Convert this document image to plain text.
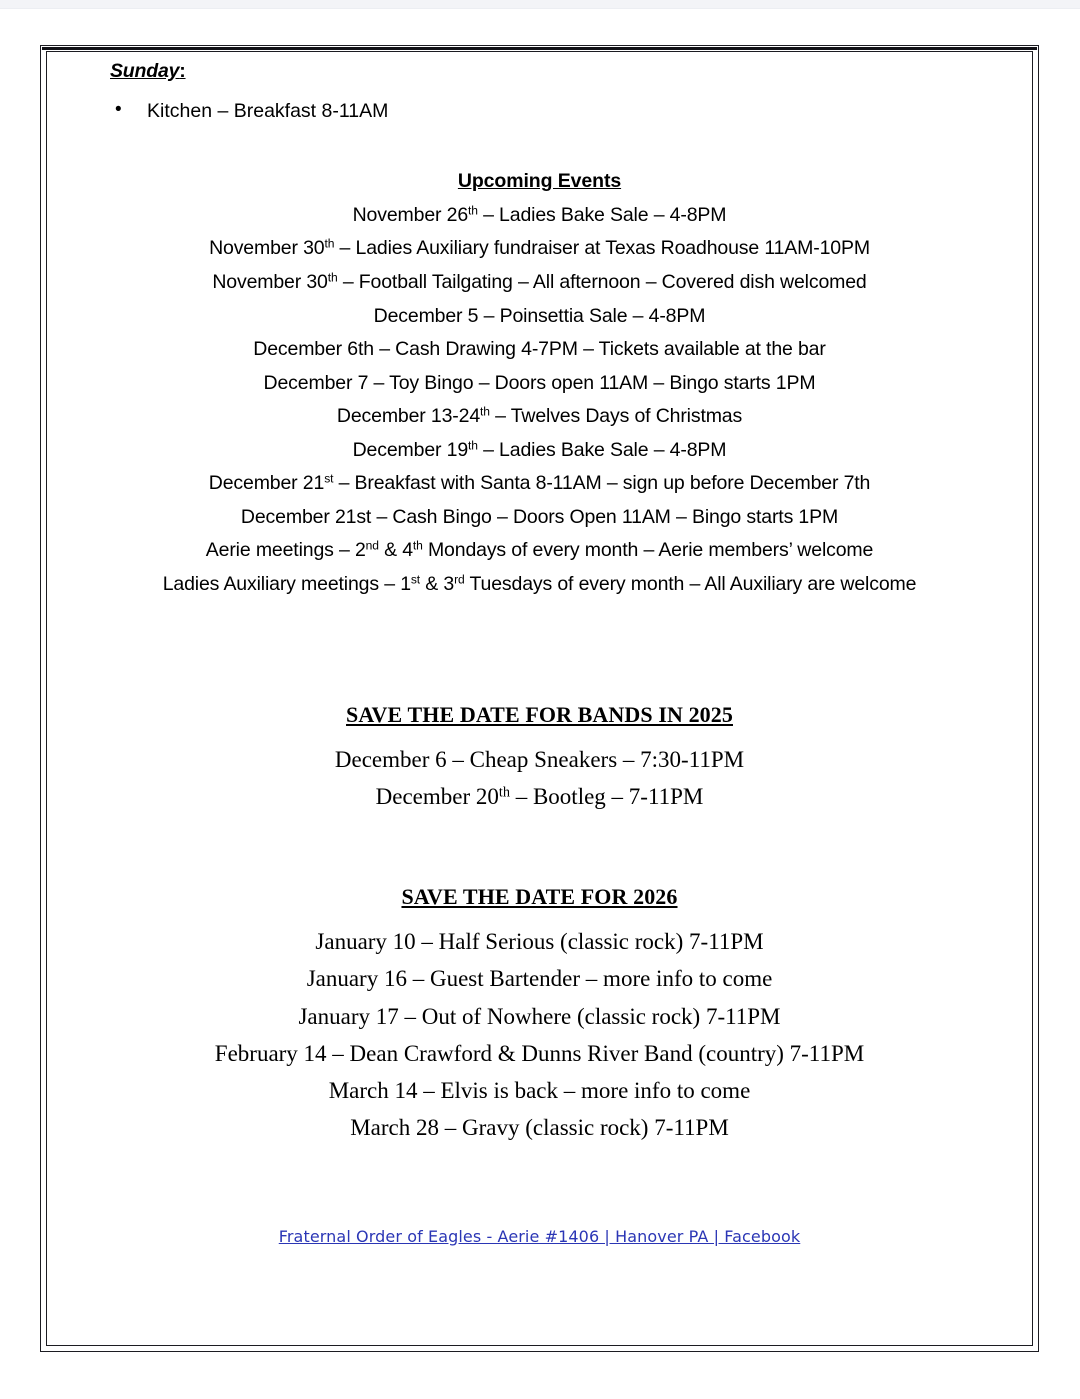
Sunday:
• Kitchen – Breakfast 8-11AM
Upcoming Events
November 26th – Ladies Bake Sale – 4-8PM
November 30th – Ladies Auxiliary fundraiser at Texas Roadhouse 11AM-10PM
November 30th – Football Tailgating – All afternoon – Covered dish welcomed
December 5 – Poinsettia Sale – 4-8PM
December 6th – Cash Drawing 4-7PM – Tickets available at the bar
December 7 – Toy Bingo – Doors open 11AM – Bingo starts 1PM
December 13-24th – Twelves Days of Christmas
December 19th – Ladies Bake Sale – 4-8PM
December 21st – Breakfast with Santa 8-11AM – sign up before December 7th
December 21st – Cash Bingo – Doors Open 11AM – Bingo starts 1PM
Aerie meetings – 2nd & 4th Mondays of every month – Aerie members’ welcome
Ladies Auxiliary meetings – 1st & 3rd Tuesdays of every month – All Auxiliary are welcome
SAVE THE DATE FOR BANDS IN 2025
December 6 – Cheap Sneakers – 7:30-11PM
December 20th – Bootleg – 7-11PM
SAVE THE DATE FOR 2026
January 10 – Half Serious (classic rock) 7-11PM
January 16 – Guest Bartender – more info to come
January 17 – Out of Nowhere (classic rock) 7-11PM
February 14 – Dean Crawford & Dunns River Band (country) 7-11PM
March 14 – Elvis is back – more info to come
March 28 – Gravy (classic rock) 7-11PM
Fraternal Order of Eagles - Aerie #1406 | Hanover PA | Facebook
